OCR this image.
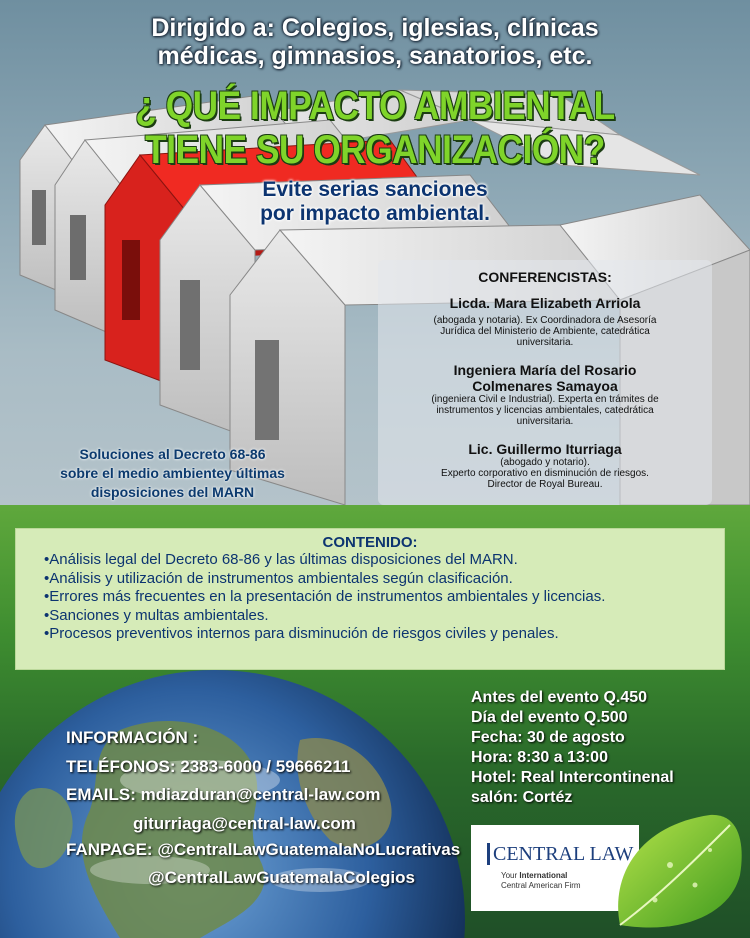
Dirigido a: Colegios, iglesias, clínicas
médicas, gimnasios, sanatorios, etc.
¿ QUÉ IMPACTO AMBIENTAL
TIENE SU ORGANIZACIÓN?
Evite serias sanciones
por impacto ambiental.
CONFERENCISTAS:
Licda. Mara Elizabeth Arriola
(abogada y notaria). Ex Coordinadora de Asesoría
Jurídica del Ministerio de Ambiente, catedrática
universitaria.
Ingeniera María del Rosario
Colmenares Samayoa
(ingeniera Civil e Industrial). Experta en trámites de
instrumentos y licencias ambientales, catedrática
universitaria.
Lic. Guillermo Iturriaga
(abogado y notario).
Experto corporativo en disminución de riesgos.
Director de Royal Bureau.
Soluciones al Decreto 68-86
sobre el medio ambientey últimas
disposiciones del MARN
CONTENIDO:
•Análisis legal del Decreto 68-86 y las últimas disposiciones del MARN.
•Análisis y utilización de instrumentos ambientales según clasificación.
•Errores más frecuentes en la presentación de instrumentos ambientales y licencias.
•Sanciones y multas ambientales.
•Procesos preventivos internos para disminución de riesgos civiles y penales.
INFORMACIÓN :
TELÉFONOS: 2383-6000 / 59666211
EMAILS: mdiazduran@central-law.com
giturriaga@central-law.com
FANPAGE: @CentralLawGuatemalaNoLucrativas
@CentralLawGuatemalaColegios
Antes del evento Q.450
Día del evento Q.500
Fecha: 30 de agosto
Hora: 8:30 a 13:00
Hotel: Real Intercontinenal
salón: Cortéz
CENTRAL LAW
Your International
Central American Firm
